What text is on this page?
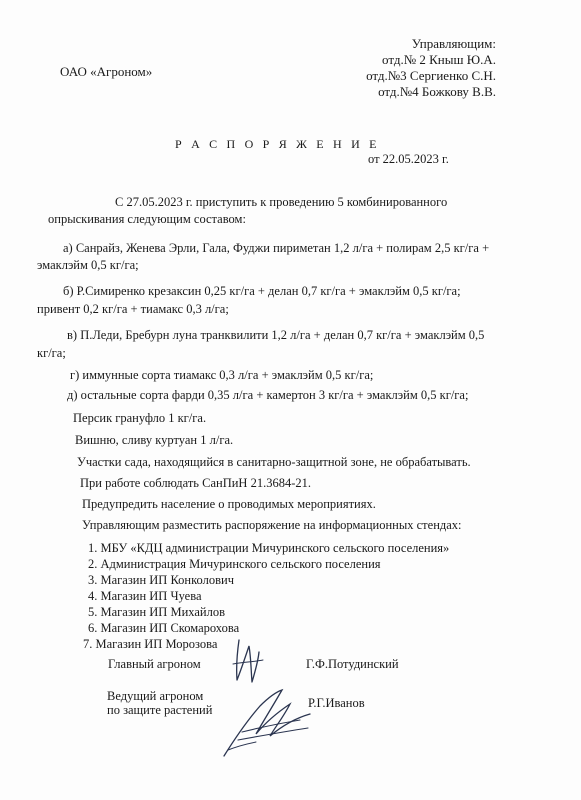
ОАО «Агроном»
Управляющим:
отд.№ 2 Кныш Ю.А.
отд.№3 Сергиенко С.Н.
отд.№4 Божкову В.В.
Р А С П О Р Я Ж Е Н И Е
от 22.05.2023 г.
С 27.05.2023 г. приступить к проведению 5 комбинированного
опрыскивания следующим составом:
а) Санрайз, Женева Эрли, Гала, Фуджи пириметан 1,2 л/га + полирам 2,5 кг/га +
эмаклэйм 0,5 кг/га;
б) Р.Симиренко крезаксин 0,25 кг/га + делан 0,7 кг/га + эмаклэйм 0,5 кг/га;
привент 0,2 кг/га + тиамакс 0,3 л/га;
в) П.Леди, Бребурн луна транквилити 1,2 л/га + делан 0,7 кг/га + эмаклэйм 0,5
кг/га;
г) иммунные сорта тиамакс 0,3 л/га + эмаклэйм 0,5 кг/га;
д) остальные сорта фарди 0,35 л/га + камертон 3 кг/га + эмаклэйм 0,5 кг/га;
Персик грануфло 1 кг/га.
Вишню, сливу куртуан 1 л/га.
Участки сада, находящийся в санитарно-защитной зоне, не обрабатывать.
При работе соблюдать СанПиН 21.3684-21.
Предупредить население о проводимых мероприятиях.
Управляющим разместить распоряжение на информационных стендах:
1. МБУ «КДЦ администрации Мичуринского сельского поселения»
2. Администрация Мичуринского сельского поселения
3. Магазин ИП Конколович
4. Магазин ИП Чуева
5. Магазин ИП Михайлов
6. Магазин ИП Скомарохова
7. Магазин ИП Морозова
Главный агроном	Г.Ф.Потудинский
Ведущий агроном
по защите растений	Р.Г.Иванов
